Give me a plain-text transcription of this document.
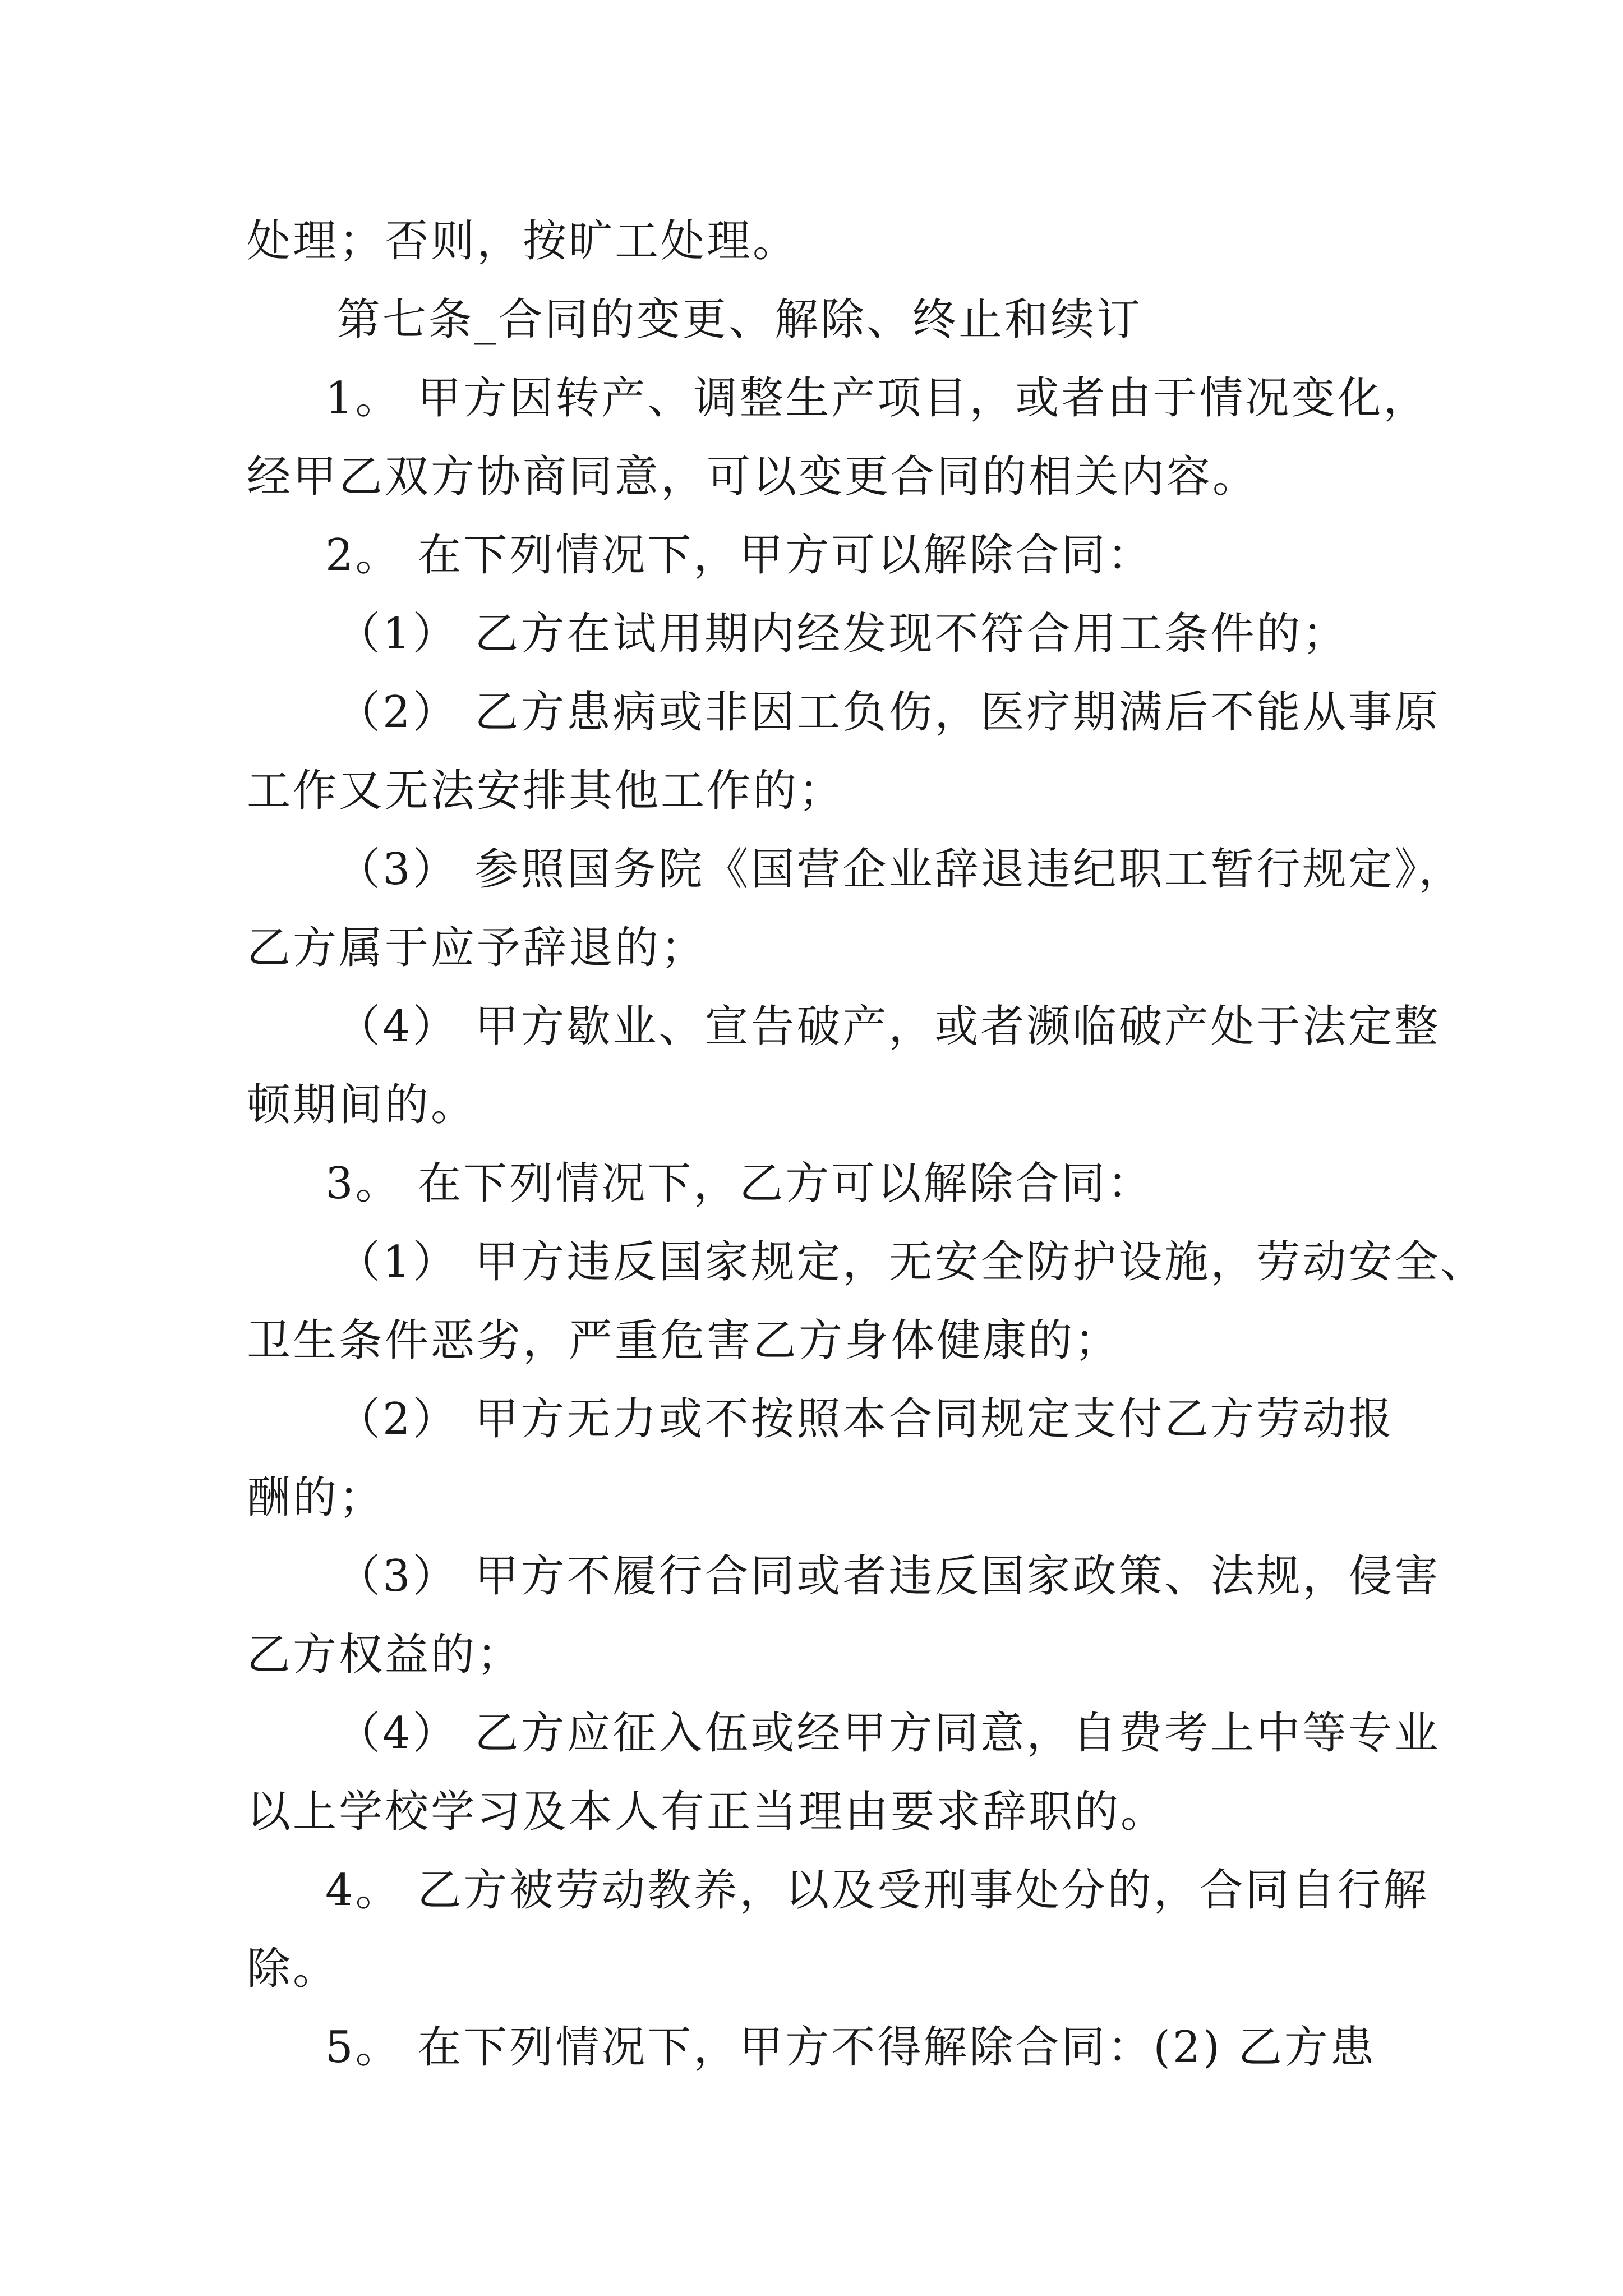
处理；否则，按旷工处理。
第七条_合同的变更、解除、终止和续订
1。 甲方因转产、调整生产项目，或者由于情况变化，
经甲乙双方协商同意，可以变更合同的相关内容。
2。 在下列情况下，甲方可以解除合同：
（1） 乙方在试用期内经发现不符合用工条件的；
（2） 乙方患病或非因工负伤，医疗期满后不能从事原
工作又无法安排其他工作的；
（3） 参照国务院《国营企业辞退违纪职工暂行规定》，
乙方属于应予辞退的；
（4） 甲方歇业、宣告破产，或者濒临破产处于法定整
顿期间的。
3。 在下列情况下，乙方可以解除合同：
（1） 甲方违反国家规定，无安全防护设施，劳动安全、
卫生条件恶劣，严重危害乙方身体健康的；
（2） 甲方无力或不按照本合同规定支付乙方劳动报
酬的；
（3） 甲方不履行合同或者违反国家政策、法规，侵害
乙方权益的；
（4） 乙方应征入伍或经甲方同意，自费考上中等专业
以上学校学习及本人有正当理由要求辞职的。
4。 乙方被劳动教养，以及受刑事处分的，合同自行解
除。
5。 在下列情况下，甲方不得解除合同：(2) 乙方患
